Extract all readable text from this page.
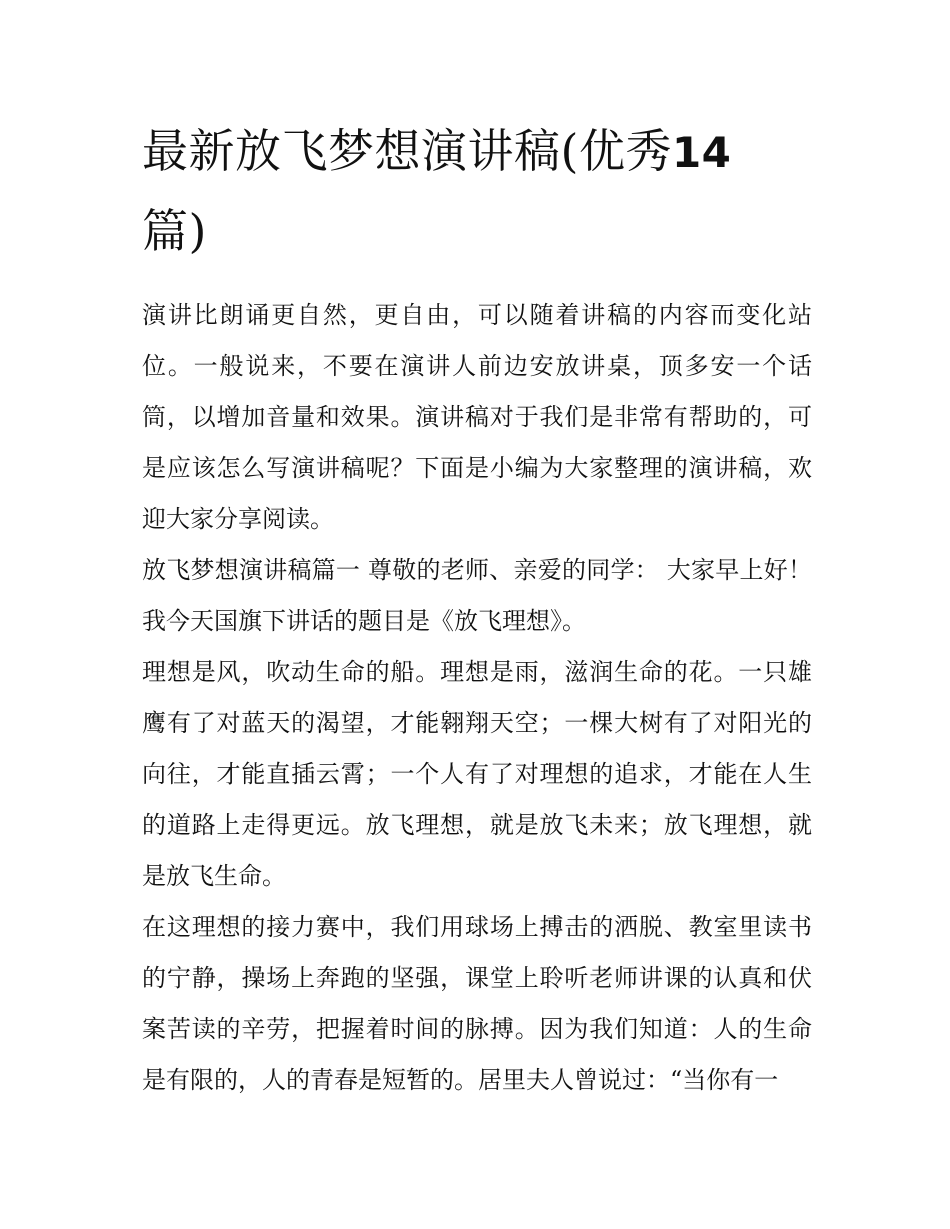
最新放飞梦想演讲稿(优秀14
篇)

演讲比朗诵更自然，更自由，可以随着讲稿的内容而变化站位。一般说来，不要在演讲人前边安放讲桌，顶多安一个话筒，以增加音量和效果。演讲稿对于我们是非常有帮助的，可是应该怎么写演讲稿呢？下面是小编为大家整理的演讲稿，欢迎大家分享阅读。

放飞梦想演讲稿篇一 尊敬的老师、亲爱的同学： 大家早上好！ 我今天国旗下讲话的题目是《放飞理想》。

理想是风，吹动生命的船。理想是雨，滋润生命的花。一只雄鹰有了对蓝天的渴望，才能翱翔天空；一棵大树有了对阳光的向往，才能直插云霄；一个人有了对理想的追求，才能在人生的道路上走得更远。放飞理想，就是放飞未来；放飞理想，就是放飞生命。

在这理想的接力赛中，我们用球场上搏击的洒脱、教室里读书的宁静，操场上奔跑的坚强，课堂上聆听老师讲课的认真和伏案苦读的辛劳，把握着时间的脉搏。因为我们知道：人的生命是有限的，人的青春是短暂的。居里夫人曾说过：“当你有一
